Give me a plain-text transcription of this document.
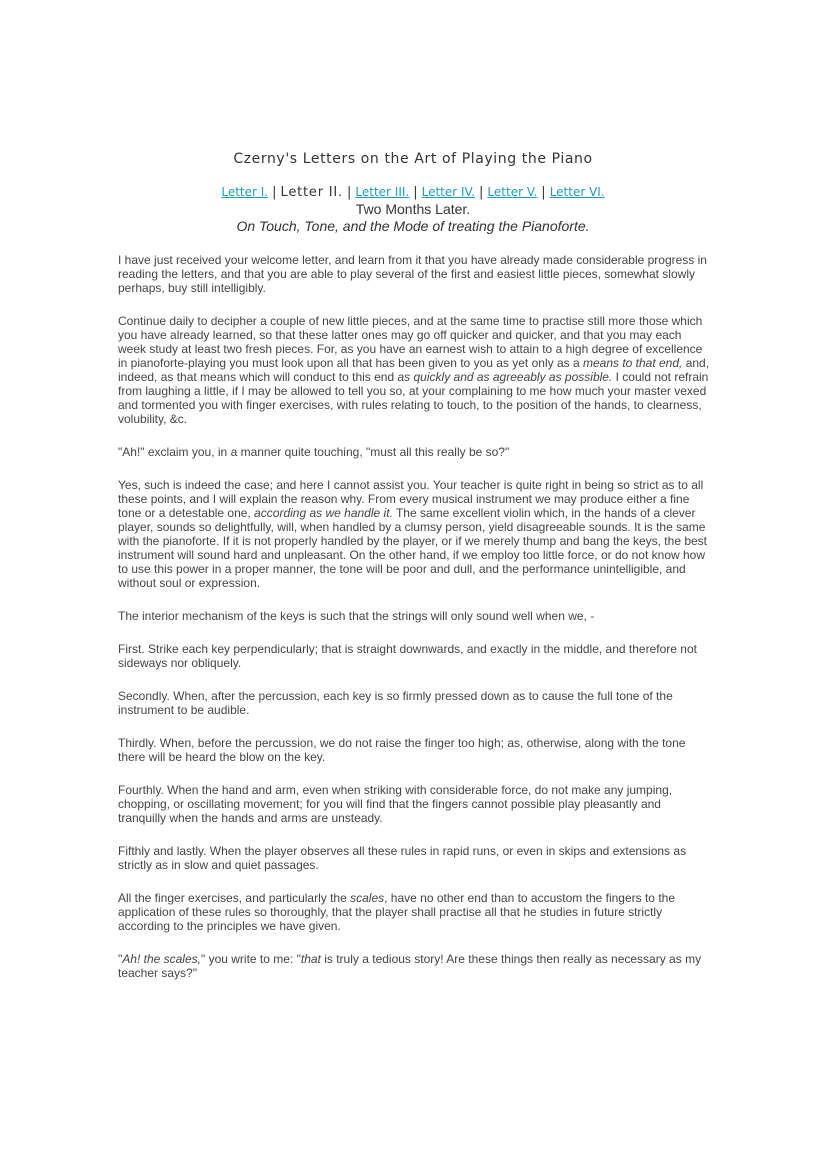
Czerny's Letters on the Art of Playing the Piano
Letter I. | Letter II. | Letter III. | Letter IV. | Letter V. | Letter VI.
Two Months Later.
On Touch, Tone, and the Mode of treating the Pianoforte.

I have just received your welcome letter, and learn from it that you have already made considerable progress in reading the letters, and that you are able to play several of the first and easiest little pieces, somewhat slowly perhaps, buy still intelligibly.

Continue daily to decipher a couple of new little pieces, and at the same time to practise still more those which you have already learned, so that these latter ones may go off quicker and quicker, and that you may each week study at least two fresh pieces. For, as you have an earnest wish to attain to a high degree of excellence in pianoforte-playing you must look upon all that has been given to you as yet only as a means to that end, and, indeed, as that means which will conduct to this end as quickly and as agreeably as possible. I could not refrain from laughing a little, if I may be allowed to tell you so, at your complaining to me how much your master vexed and tormented you with finger exercises, with rules relating to touch, to the position of the hands, to clearness, volubility, &c.

"Ah!" exclaim you, in a manner quite touching, "must all this really be so?"

Yes, such is indeed the case; and here I cannot assist you. Your teacher is quite right in being so strict as to all these points, and I will explain the reason why. From every musical instrument we may produce either a fine tone or a detestable one, according as we handle it. The same excellent violin which, in the hands of a clever player, sounds so delightfully, will, when handled by a clumsy person, yield disagreeable sounds. It is the same with the pianoforte. If it is not properly handled by the player, or if we merely thump and bang the keys, the best instrument will sound hard and unpleasant. On the other hand, if we employ too little force, or do not know how to use this power in a proper manner, the tone will be poor and dull, and the performance unintelligible, and without soul or expression.

The interior mechanism of the keys is such that the strings will only sound well when we, -

First. Strike each key perpendicularly; that is straight downwards, and exactly in the middle, and therefore not sideways nor obliquely.

Secondly. When, after the percussion, each key is so firmly pressed down as to cause the full tone of the instrument to be audible.

Thirdly. When, before the percussion, we do not raise the finger too high; as, otherwise, along with the tone there will be heard the blow on the key.

Fourthly. When the hand and arm, even when striking with considerable force, do not make any jumping, chopping, or oscillating movement; for you will find that the fingers cannot possible play pleasantly and tranquilly when the hands and arms are unsteady.

Fifthly and lastly. When the player observes all these rules in rapid runs, or even in skips and extensions as strictly as in slow and quiet passages.

All the finger exercises, and particularly the scales, have no other end than to accustom the fingers to the application of these rules so thoroughly, that the player shall practise all that he studies in future strictly according to the principles we have given.

"Ah! the scales," you write to me: "that is truly a tedious story! Are these things then really as necessary as my teacher says?"
